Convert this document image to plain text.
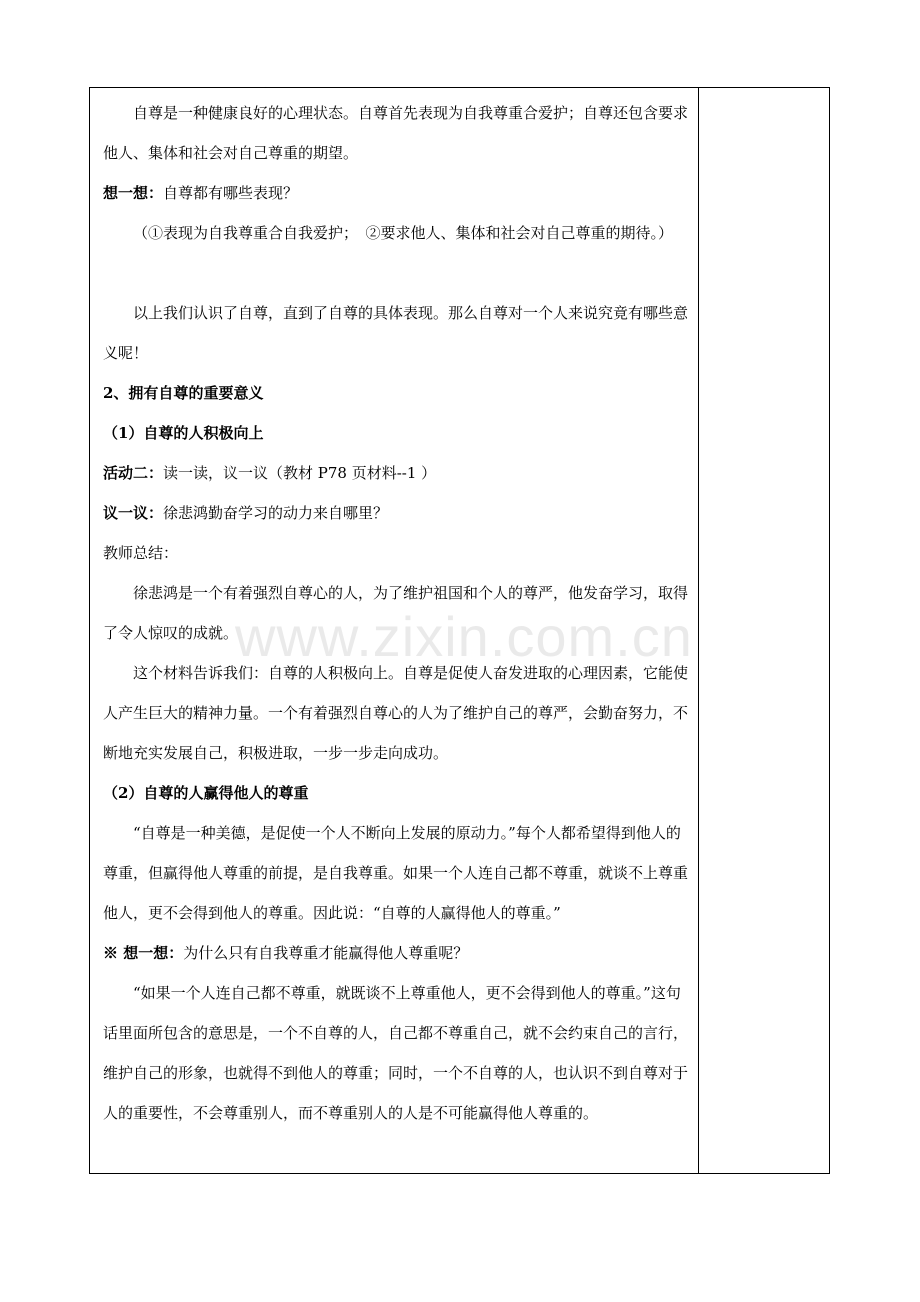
自尊是一种健康良好的心理状态。自尊首先表现为自我尊重合爱护；自尊还包含要求他人、集体和社会对自己尊重的期望。

想一想：自尊都有哪些表现？

（①表现为自我尊重合自我爱护；　②要求他人、集体和社会对自己尊重的期待。）

以上我们认识了自尊，直到了自尊的具体表现。那么自尊对一个人来说究竟有哪些意义呢！

2、拥有自尊的重要意义

（1）自尊的人积极向上

活动二：读一读，议一议（教材 P78 页材料--1 ）

议一议：徐悲鸿勤奋学习的动力来自哪里？

教师总结：

徐悲鸿是一个有着强烈自尊心的人，为了维护祖国和个人的尊严，他发奋学习，取得了令人惊叹的成就。

这个材料告诉我们：自尊的人积极向上。自尊是促使人奋发进取的心理因素，它能使人产生巨大的精神力量。一个有着强烈自尊心的人为了维护自己的尊严，会勤奋努力，不断地充实发展自己，积极进取，一步一步走向成功。

（2）自尊的人赢得他人的尊重

“自尊是一种美德，是促使一个人不断向上发展的原动力。”每个人都希望得到他人的尊重，但赢得他人尊重的前提，是自我尊重。如果一个人连自己都不尊重，就谈不上尊重他人，更不会得到他人的尊重。因此说：“自尊的人赢得他人的尊重。”

※ 想一想：为什么只有自我尊重才能赢得他人尊重呢？

“如果一个人连自己都不尊重，就既谈不上尊重他人，更不会得到他人的尊重。”这句话里面所包含的意思是，一个不自尊的人，自己都不尊重自己，就不会约束自己的言行，维护自己的形象，也就得不到他人的尊重；同时，一个不自尊的人，也认识不到自尊对于人的重要性，不会尊重别人，而不尊重别人的人是不可能赢得他人尊重的。

www.zixin.com.cn
